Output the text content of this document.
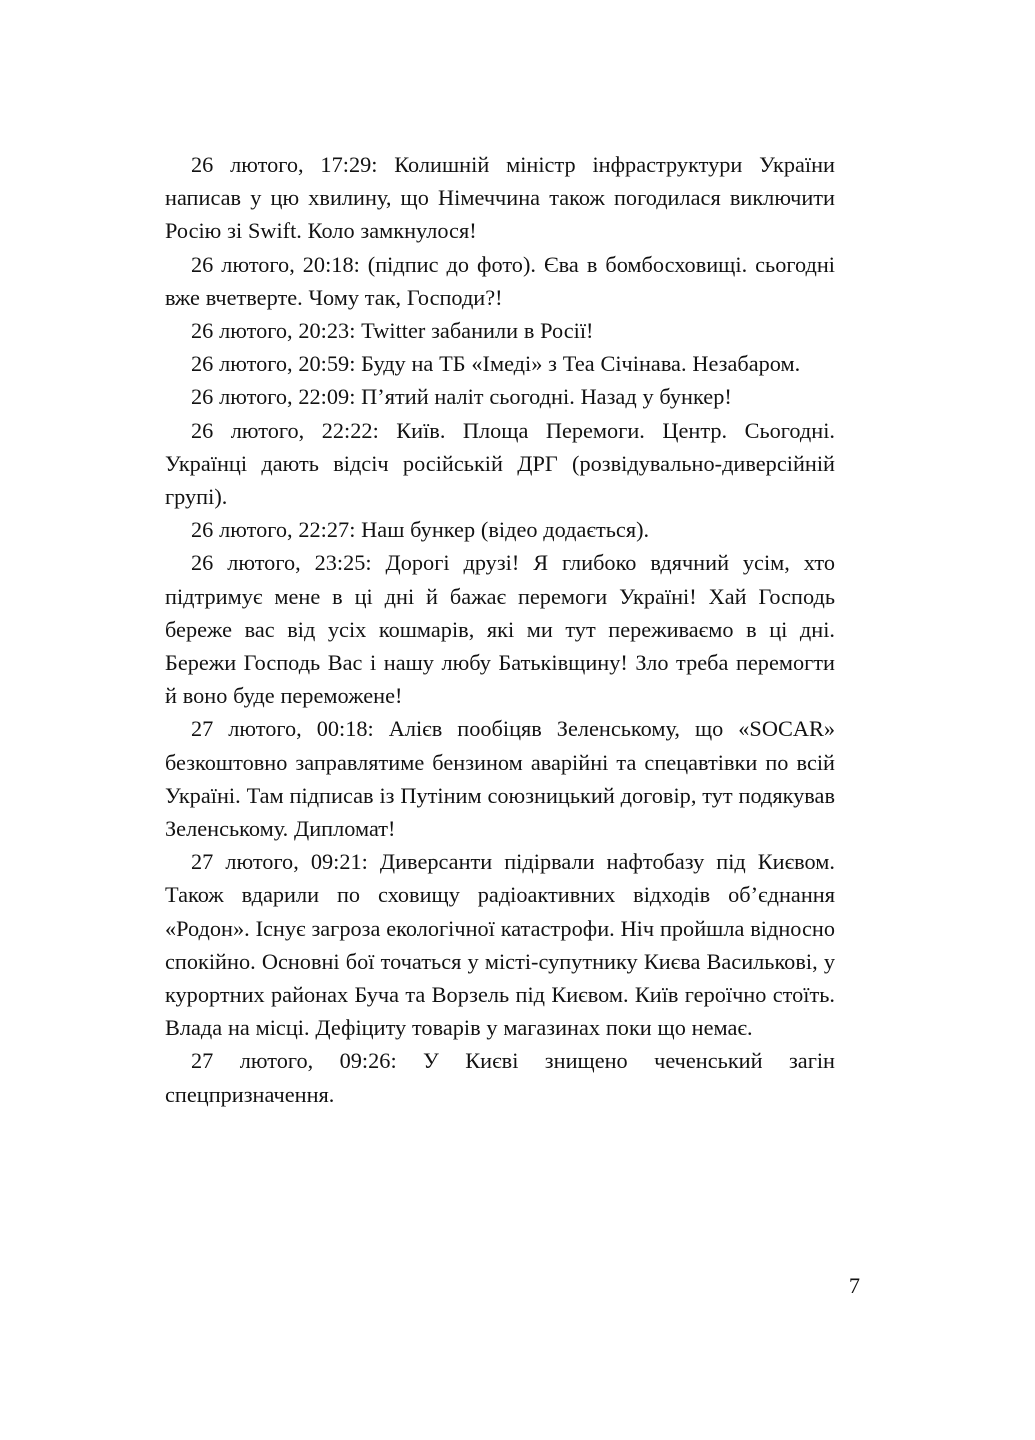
26 лютого, 17:29: Колишній міністр інфраструктури України написав у цю хвилину, що Німеччина також погодилася виключити Росію зі Swift. Коло замкнулося!

26 лютого, 20:18: (підпис до фото). Єва в бомбосховищі. сьогодні вже вчетверте. Чому так, Господи?!

26 лютого, 20:23: Twitter забанили в Росії!

26 лютого, 20:59: Буду на ТБ «Імеді» з Tea Січінава. Незабаром.

26 лютого, 22:09: П’ятий наліт сьогодні. Назад у бункер!

26 лютого, 22:22: Київ. Площа Перемоги. Центр. Сьогодні. Українці дають відсіч російській ДРГ (розвідувально-диверсійній групі).

26 лютого, 22:27: Наш бункер (відео додається).

26 лютого, 23:25: Дорогі друзі! Я глибоко вдячний усім, хто підтримує мене в ці дні й бажає перемоги Україні! Хай Господь береже вас від усіх кошмарів, які ми тут переживаємо в ці дні. Бережи Господь Вас і нашу любу Батьківщину! Зло треба перемогти й воно буде переможене!

27 лютого, 00:18: Алієв пообіцяв Зеленському, що «SOCAR» безкоштовно заправлятиме бензином аварійні та спецавтівки по всій Україні. Там підписав із Путіним союзницький договір, тут подякував Зеленському. Дипломат!

27 лютого, 09:21: Диверсанти підірвали нафтобазу під Києвом. Також вдарили по сховищу радіоактивних відходів об’єднання «Родон». Існує загроза екологічної катастрофи. Ніч пройшла відносно спокійно. Основні бої точаться у місті-супутнику Києва Василькові, у курортних районах Буча та Ворзель під Києвом. Київ героїчно стоїть. Влада на місці. Дефіциту товарів у магазинах поки що немає.

27 лютого, 09:26: У Києві знищено чеченський загін спецпризначення.

7
